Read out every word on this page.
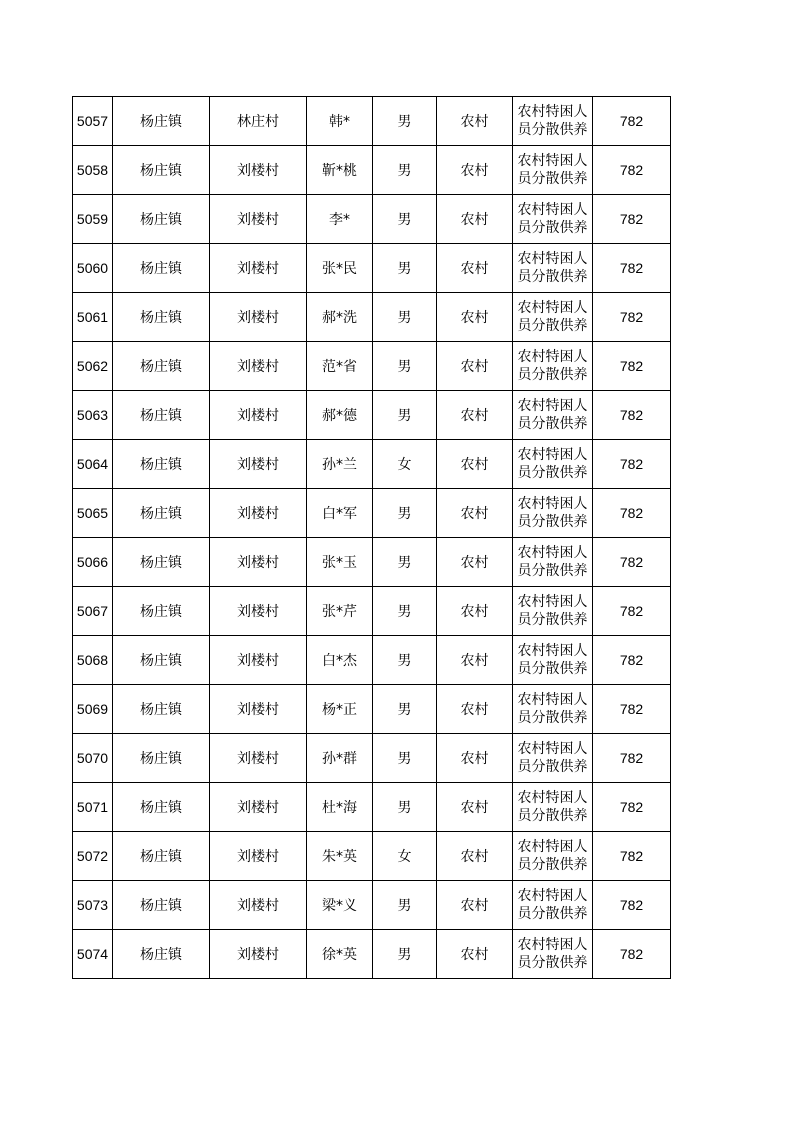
5057	杨庄镇	林庄村	韩*	男	农村	农村特困人员分散供养	782
5058	杨庄镇	刘楼村	靳*桃	男	农村	农村特困人员分散供养	782
5059	杨庄镇	刘楼村	李*	男	农村	农村特困人员分散供养	782
5060	杨庄镇	刘楼村	张*民	男	农村	农村特困人员分散供养	782
5061	杨庄镇	刘楼村	郝*洗	男	农村	农村特困人员分散供养	782
5062	杨庄镇	刘楼村	范*省	男	农村	农村特困人员分散供养	782
5063	杨庄镇	刘楼村	郝*德	男	农村	农村特困人员分散供养	782
5064	杨庄镇	刘楼村	孙*兰	女	农村	农村特困人员分散供养	782
5065	杨庄镇	刘楼村	白*军	男	农村	农村特困人员分散供养	782
5066	杨庄镇	刘楼村	张*玉	男	农村	农村特困人员分散供养	782
5067	杨庄镇	刘楼村	张*芹	男	农村	农村特困人员分散供养	782
5068	杨庄镇	刘楼村	白*杰	男	农村	农村特困人员分散供养	782
5069	杨庄镇	刘楼村	杨*正	男	农村	农村特困人员分散供养	782
5070	杨庄镇	刘楼村	孙*群	男	农村	农村特困人员分散供养	782
5071	杨庄镇	刘楼村	杜*海	男	农村	农村特困人员分散供养	782
5072	杨庄镇	刘楼村	朱*英	女	农村	农村特困人员分散供养	782
5073	杨庄镇	刘楼村	梁*义	男	农村	农村特困人员分散供养	782
5074	杨庄镇	刘楼村	徐*英	男	农村	农村特困人员分散供养	782
